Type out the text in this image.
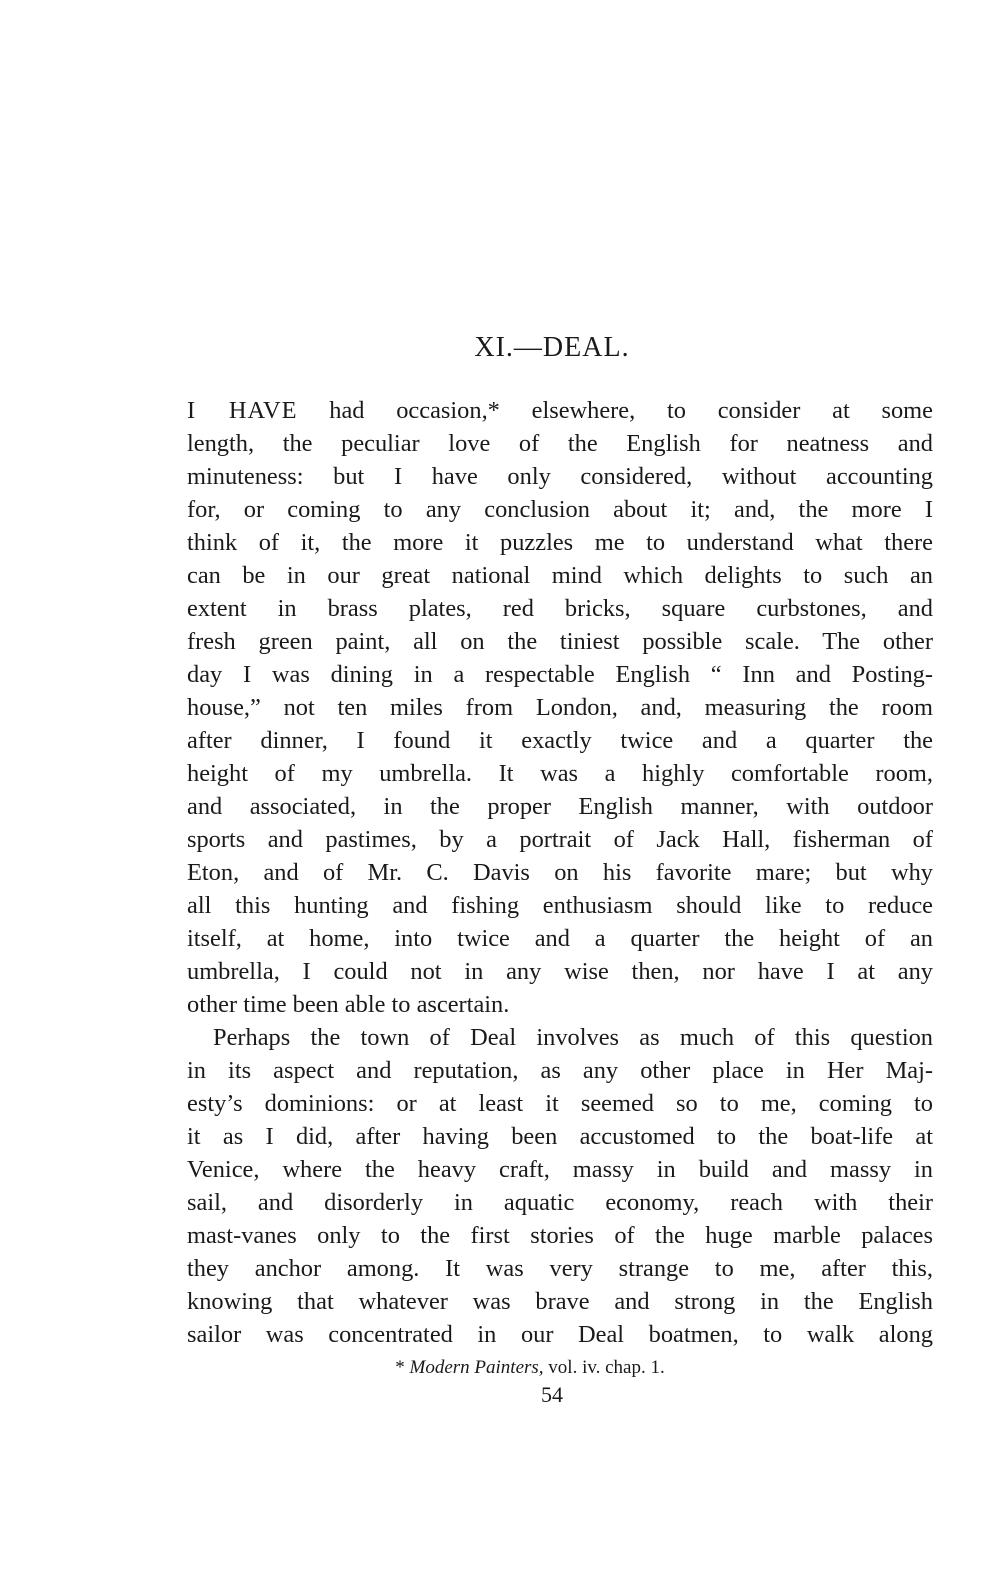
XI.—DEAL.
I HAVE had occasion,* elsewhere, to consider at some
length, the peculiar love of the English for neatness and
minuteness: but I have only considered, without accounting
for, or coming to any conclusion about it; and, the more I
think of it, the more it puzzles me to understand what there
can be in our great national mind which delights to such an
extent in brass plates, red bricks, square curbstones, and
fresh green paint, all on the tiniest possible scale. The other
day I was dining in a respectable English “ Inn and Posting-
house,” not ten miles from London, and, measuring the room
after dinner, I found it exactly twice and a quarter the
height of my umbrella. It was a highly comfortable room,
and associated, in the proper English manner, with outdoor
sports and pastimes, by a portrait of Jack Hall, fisherman of
Eton, and of Mr. C. Davis on his favorite mare; but why
all this hunting and fishing enthusiasm should like to reduce
itself, at home, into twice and a quarter the height of an
umbrella, I could not in any wise then, nor have I at any
other time been able to ascertain.
Perhaps the town of Deal involves as much of this question
in its aspect and reputation, as any other place in Her Maj-
esty’s dominions: or at least it seemed so to me, coming to
it as I did, after having been accustomed to the boat-life at
Venice, where the heavy craft, massy in build and massy in
sail, and disorderly in aquatic economy, reach with their
mast-vanes only to the first stories of the huge marble palaces
they anchor among. It was very strange to me, after this,
knowing that whatever was brave and strong in the English
sailor was concentrated in our Deal boatmen, to walk along
* Modern Painters, vol. iv. chap. 1.
54
